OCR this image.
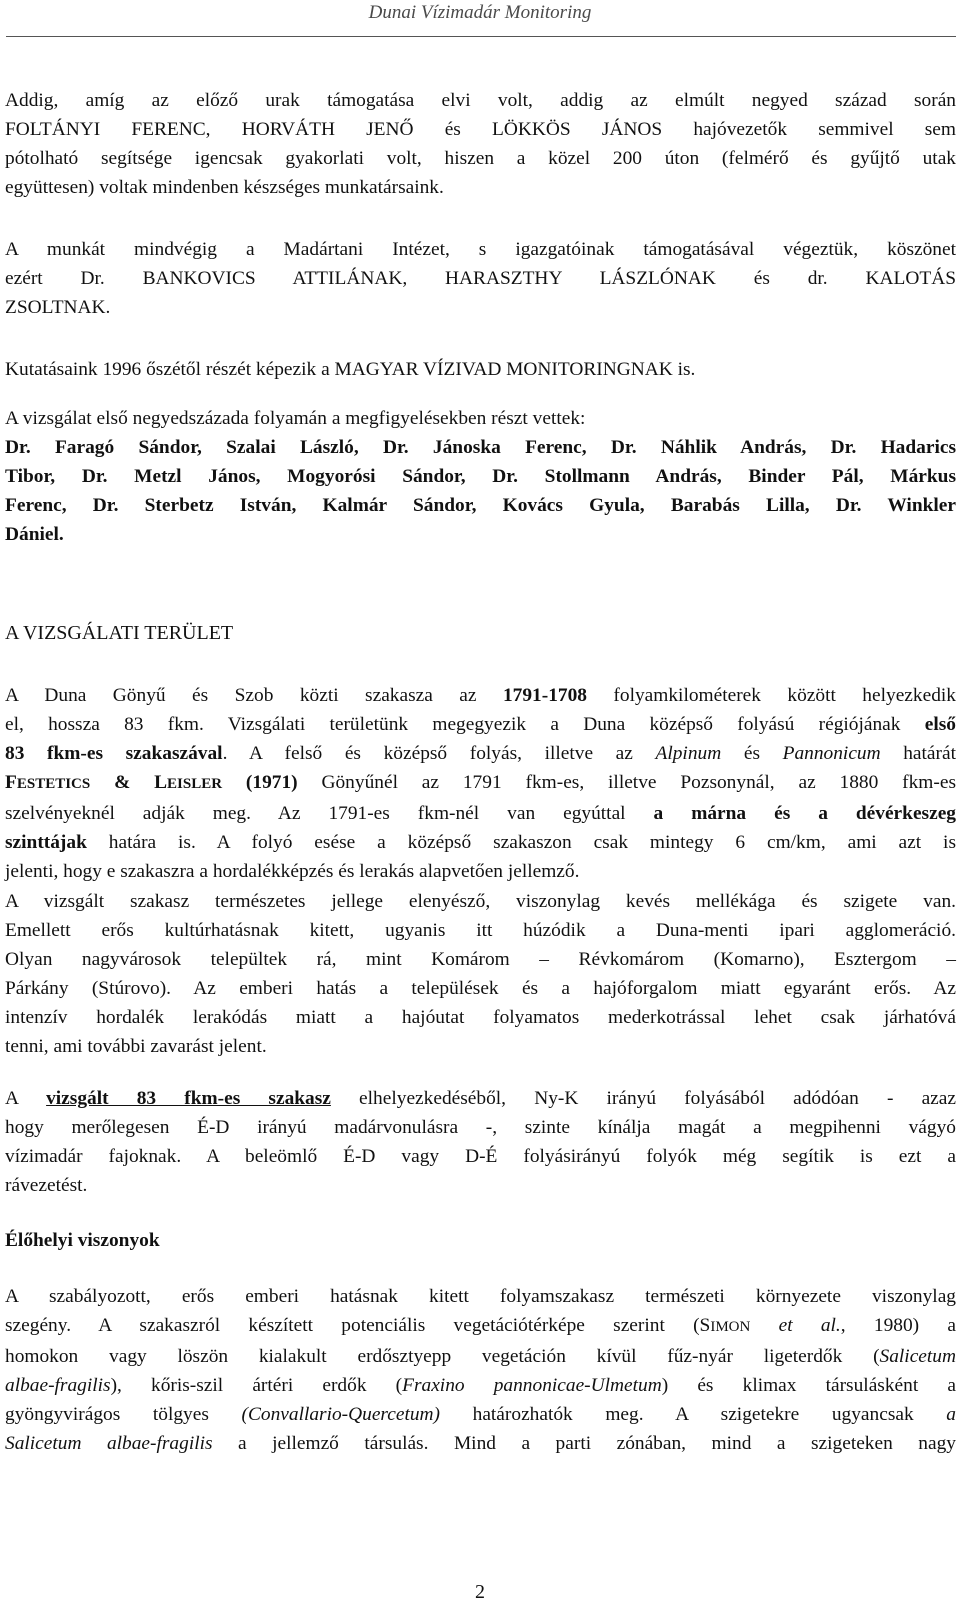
Dunai Vízimadár Monitoring
Addig, amíg az előző urak támogatása elvi volt, addig az elmúlt negyed század során
FOLTÁNYI FERENC, HORVÁTH JENŐ és LÖKKÖS JÁNOS hajóvezetők semmivel sem
pótolható segítsége igencsak gyakorlati volt, hiszen a közel 200 úton (felmérő és gyűjtő utak
együttesen) voltak mindenben készséges munkatársaink.
A munkát mindvégig a Madártani Intézet, s igazgatóinak támogatásával végeztük, köszönet
ezért Dr. BANKOVICS ATTILÁNAK, HARASZTHY LÁSZLÓNAK és dr. KALOTÁS
ZSOLTNAK.
Kutatásaink 1996 őszétől részét képezik a MAGYAR VÍZIVAD MONITORINGNAK is.
A vizsgálat első negyedszázada folyamán a megfigyelésekben részt vettek:
Dr. Faragó Sándor, Szalai László, Dr. Jánoska Ferenc, Dr. Náhlik András, Dr. Hadarics
Tibor, Dr. Metzl János, Mogyorósi Sándor, Dr. Stollmann András, Binder Pál, Márkus
Ferenc, Dr. Sterbetz István, Kalmár Sándor, Kovács Gyula, Barabás Lilla, Dr. Winkler
Dániel.
A VIZSGÁLATI TERÜLET
A Duna Gönyű és Szob közti szakasza az 1791-1708 folyamkilométerek között helyezkedik
el, hossza 83 fkm. Vizsgálati területünk megegyezik a Duna középső folyású régiójának első
83 fkm-es szakaszával. A felső és középső folyás, illetve az Alpinum és Pannonicum határát
FESTETICS & LEISLER (1971) Gönyűnél az 1791 fkm-es, illetve Pozsonynál, az 1880 fkm-es
szelvényeknél adják meg. Az 1791-es fkm-nél van egyúttal a márna és a dévérkeszeg
szinttájak határa is. A folyó esése a középső szakaszon csak mintegy 6 cm/km, ami azt is
jelenti, hogy e szakaszra a hordalékképzés és lerakás alapvetően jellemző.
A vizsgált szakasz természetes jellege elenyésző, viszonylag kevés mellékága és szigete van.
Emellett erős kultúrhatásnak kitett, ugyanis itt húzódik a Duna-menti ipari agglomeráció.
Olyan nagyvárosok települtek rá, mint Komárom – Révkomárom (Komarno), Esztergom –
Párkány (Stúrovo). Az emberi hatás a települések és a hajóforgalom miatt egyaránt erős. Az
intenzív hordalék lerakódás miatt a hajóutat folyamatos mederkotrással lehet csak járhatóvá
tenni, ami további zavarást jelent.
A vizsgált 83 fkm-es szakasz elhelyezkedéséből, Ny-K irányú folyásából adódóan - azaz
hogy merőlegesen É-D irányú madárvonulásra -, szinte kínálja magát a megpihenni vágyó
vízimadár fajoknak. A beleömlő É-D vagy D-É folyásirányú folyók még segítik is ezt a
rávezetést.
Élőhelyi viszonyok
A szabályozott, erős emberi hatásnak kitett folyamszakasz természeti környezete viszonylag
szegény. A szakaszról készített potenciális vegetációtérképe szerint (SIMON et al., 1980) a
homokon vagy löszön kialakult erdősztyepp vegetáción kívül fűz-nyár ligeterdők (Salicetum
albae-fragilis), kőris-szil ártéri erdők (Fraxino pannonicae-Ulmetum) és klimax társulásként a
gyöngyvirágos tölgyes (Convallario-Quercetum) határozhatók meg. A szigetekre ugyancsak a
Salicetum albae-fragilis a jellemző társulás. Mind a parti zónában, mind a szigeteken nagy
2
